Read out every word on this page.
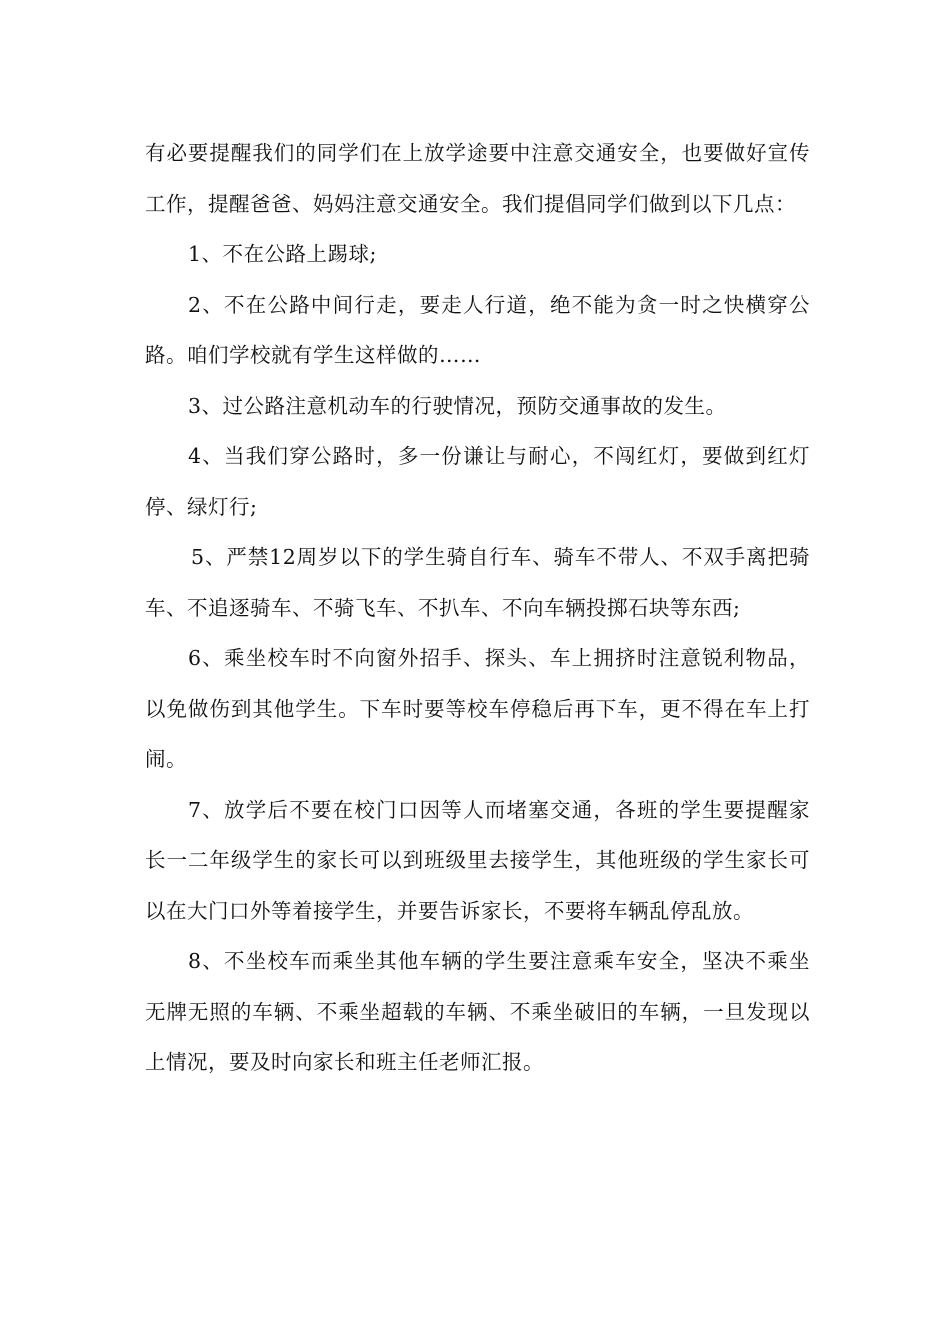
有必要提醒我们的同学们在上放学途要中注意交通安全，也要做好宣传工作，提醒爸爸、妈妈注意交通安全。我们提倡同学们做到以下几点：

1、不在公路上踢球;

2、不在公路中间行走，要走人行道，绝不能为贪一时之快横穿公路。咱们学校就有学生这样做的……

3、过公路注意机动车的行驶情况，预防交通事故的发生。

4、当我们穿公路时，多一份谦让与耐心，不闯红灯，要做到红灯停、绿灯行;

5、严禁12周岁以下的学生骑自行车、骑车不带人、不双手离把骑车、不追逐骑车、不骑飞车、不扒车、不向车辆投掷石块等东西;

6、乘坐校车时不向窗外招手、探头、车上拥挤时注意锐利物品，以免做伤到其他学生。下车时要等校车停稳后再下车，更不得在车上打闹。

7、放学后不要在校门口因等人而堵塞交通，各班的学生要提醒家长一二年级学生的家长可以到班级里去接学生，其他班级的学生家长可以在大门口外等着接学生，并要告诉家长，不要将车辆乱停乱放。

8、不坐校车而乘坐其他车辆的学生要注意乘车安全，坚决不乘坐无牌无照的车辆、不乘坐超载的车辆、不乘坐破旧的车辆，一旦发现以上情况，要及时向家长和班主任老师汇报。
